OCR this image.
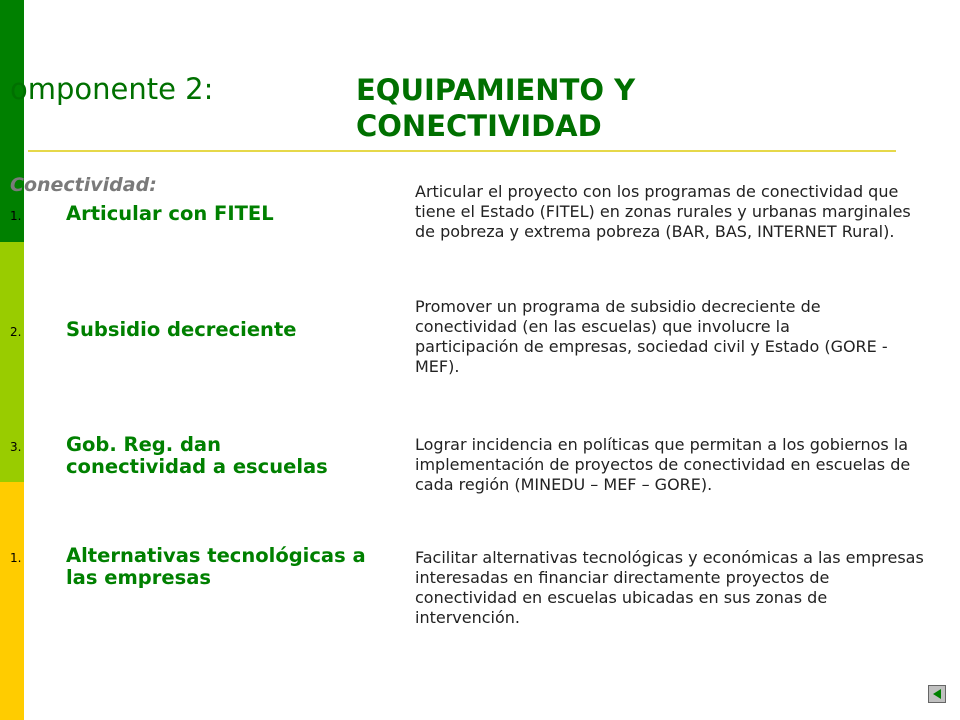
omponente 2:	EQUIPAMIENTO Y
CONECTIVIDAD
Conectividad:
1.	Articular con FITEL
Articular el proyecto con los programas de conectividad que tiene el Estado (FITEL) en zonas rurales y urbanas marginales de pobreza y extrema pobreza (BAR, BAS, INTERNET Rural).
2.	Subsidio decreciente
Promover un programa de subsidio decreciente de conectividad (en las escuelas) que involucre la participación de empresas, sociedad civil y Estado (GORE - MEF).
3.	Gob. Reg. dan conectividad a escuelas
Lograr incidencia en políticas que permitan a los gobiernos la implementación de proyectos de conectividad en escuelas de cada región (MINEDU – MEF – GORE).
1.	Alternativas tecnológicas a las empresas
Facilitar alternativas tecnológicas y económicas a las empresas interesadas en financiar directamente proyectos de conectividad en escuelas ubicadas en sus zonas de intervención.
